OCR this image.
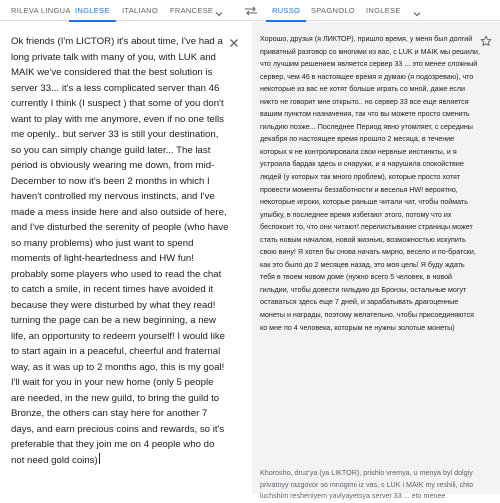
RILEVA LINGUA INGLESE ITALIANO FRANCESE	RUSSO SPAGNOLO INGLESE
Ok friends (I'm LICTOR) it's about time, I've had a long private talk with many of you, with LUK and MAIK we've considered that the best solution is server 33... it's a less complicated server than 46 currently I think (I suspect ) that some of you don't want to play with me anymore, even if no one tells me openly.. but server 33 is still your destination, so you can simply change guild later... The last period is obviously wearing me down, from mid-December to now it's been 2 months in which I haven't controlled my nervous instincts, and I've made a mess inside here and also outside of here, and I've disturbed the serenity of people (who have so many problems) who just want to spend moments of light-heartedness and HW fun! probably some players who used to read the chat to catch a smile, in recent times have avoided it because they were disturbed by what they read! turning the page can be a new beginning, a new life, an opportunity to redeem yourself! I would like to start again in a peaceful, cheerful and fraternal way, as it was up to 2 months ago, this is my goal! I'll wait for you in your new home (only 5 people are needed, in the new guild, to bring the guild to Bronze, the others can stay here for another 7 days, and earn precious coins and rewards, so it's preferable that they join me on 4 people who do not need gold coins)
Хорошо, друзья (я ЛИКТОР), пришло время, у меня был долгий приватный разговор со многими из вас, с LUK и MAIK мы решили, что лучшим решением является сервер 33 ... это менее сложный сервер, чем 46 в настоящее время я думаю (я подозреваю), что некоторые из вас не хотят больше играть со мной, даже если никто не говорит мне открыто.. но сервер 33 все еще является вашим пунктом назначения, так что вы можете просто сменить гильдию позже... Последнее Период явно утомляет, с середины декабря по настоящее время прошло 2 месяца, в течение которых я не контролировала свои нервные инстинкты, и я устроила бардак здесь и снаружи, и я нарушила спокойствие людей (у которых так много проблем), которые просто хотят провести моменты беззаботности и веселья HW! вероятно, некоторые игроки, которые раньше читали чат, чтобы поймать улыбку, в последнее время избегают этого, потому что их беспокоит то, что они читают! перелистывание страницы может стать новым началом, новой жизнью, возможностью искупить свою вину! Я хотел бы снова начать мирно, весело и по-братски, как это было до 2 месяцев назад, это моя цель! Я буду ждать тебя в твоем новом доме (нужно всего 5 человек, в новой гильдии, чтобы довести гильдию до Бронзы, остальные могут оставаться здесь еще 7 дней, и зарабатывать драгоценные монеты и награды, поэтому желательно, чтобы присоединяются ко мне по 4 человека, которым не нужны золотые монеты)
Khorosho, druz'ya (ya LIKTOR), prishlo vremya, u menya byl dolgiy privatnyy razgovor so mnogimi iz vas, s LUK i MAIK my reshili, chto luchshim resheniyem yavlyayetsya server 33 ... eto menee
